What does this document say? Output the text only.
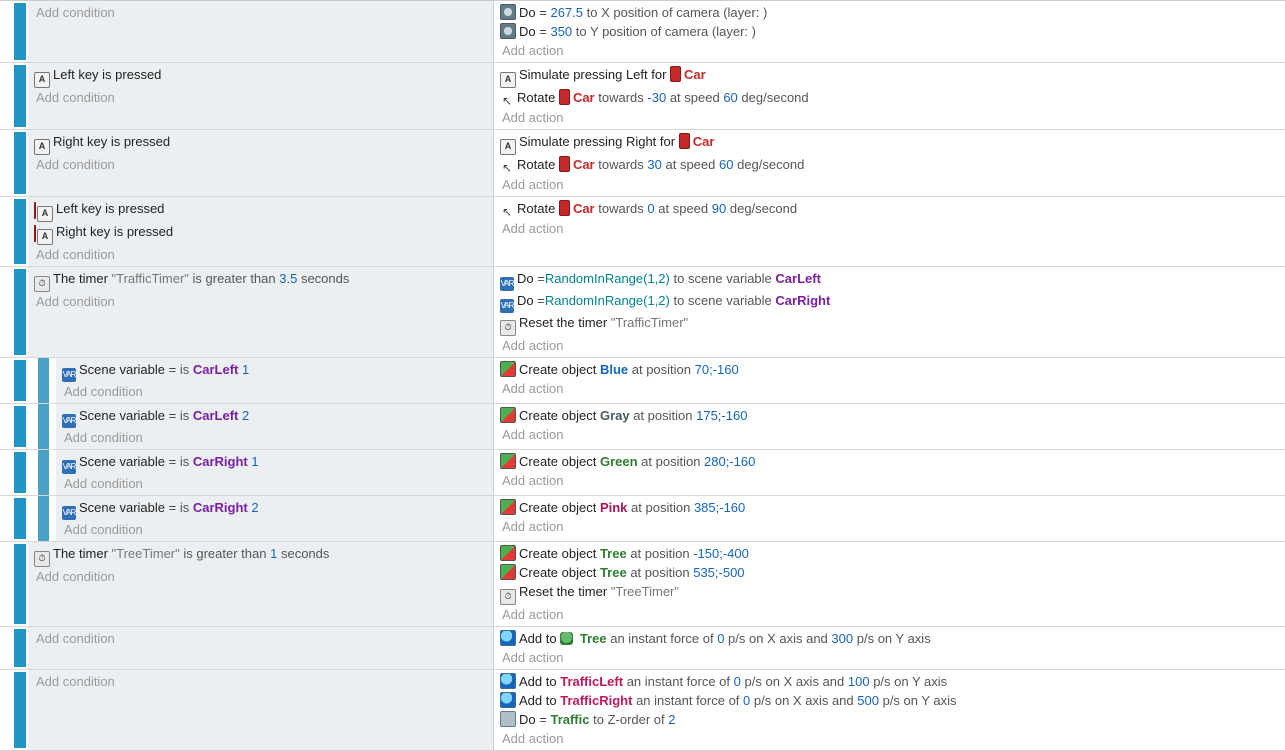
Add condition	Do = 267.5 to X position of camera (layer: )
Do = 350 to Y position of camera (layer: )
Add action
A Left key is pressed
Add condition
A Simulate pressing Left for Car
↖ Rotate Car towards -30 at speed 60 deg/second
Add action
A Right key is pressed
Add condition
A Simulate pressing Right for Car
↖ Rotate Car towards 30 at speed 60 deg/second
Add action
A Left key is pressed
A Right key is pressed
Add condition
↖ Rotate Car towards 0 at speed 90 deg/second
Add action
⏱ The timer "TrafficTimer" is greater than 3.5 seconds
Add condition
VAR Do =RandomInRange(1,2) to scene variable CarLeft
VAR Do =RandomInRange(1,2) to scene variable CarRight
⏱ Reset the timer "TrafficTimer"
Add action
VAR Scene variable = is CarLeft 1
Add condition
Create object Blue at position 70;-160
Add action
VAR Scene variable = is CarLeft 2
Add condition
Create object Gray at position 175;-160
Add action
VAR Scene variable = is CarRight 1
Add condition
Create object Green at position 280;-160
Add action
VAR Scene variable = is CarRight 2
Add condition
Create object Pink at position 385;-160
Add action
⏱ The timer "TreeTimer" is greater than 1 seconds
Add condition
Create object Tree at position -150;-400
Create object Tree at position 535;-500
⏱ Reset the timer "TreeTimer"
Add action
Add condition	Add to Tree an instant force of 0 p/s on X axis and 300 p/s on Y axis
Add action
Add condition	Add to TrafficLeft an instant force of 0 p/s on X axis and 100 p/s on Y axis
Add to TrafficRight an instant force of 0 p/s on X axis and 500 p/s on Y axis
Do = Traffic to Z-order of 2
Add action
